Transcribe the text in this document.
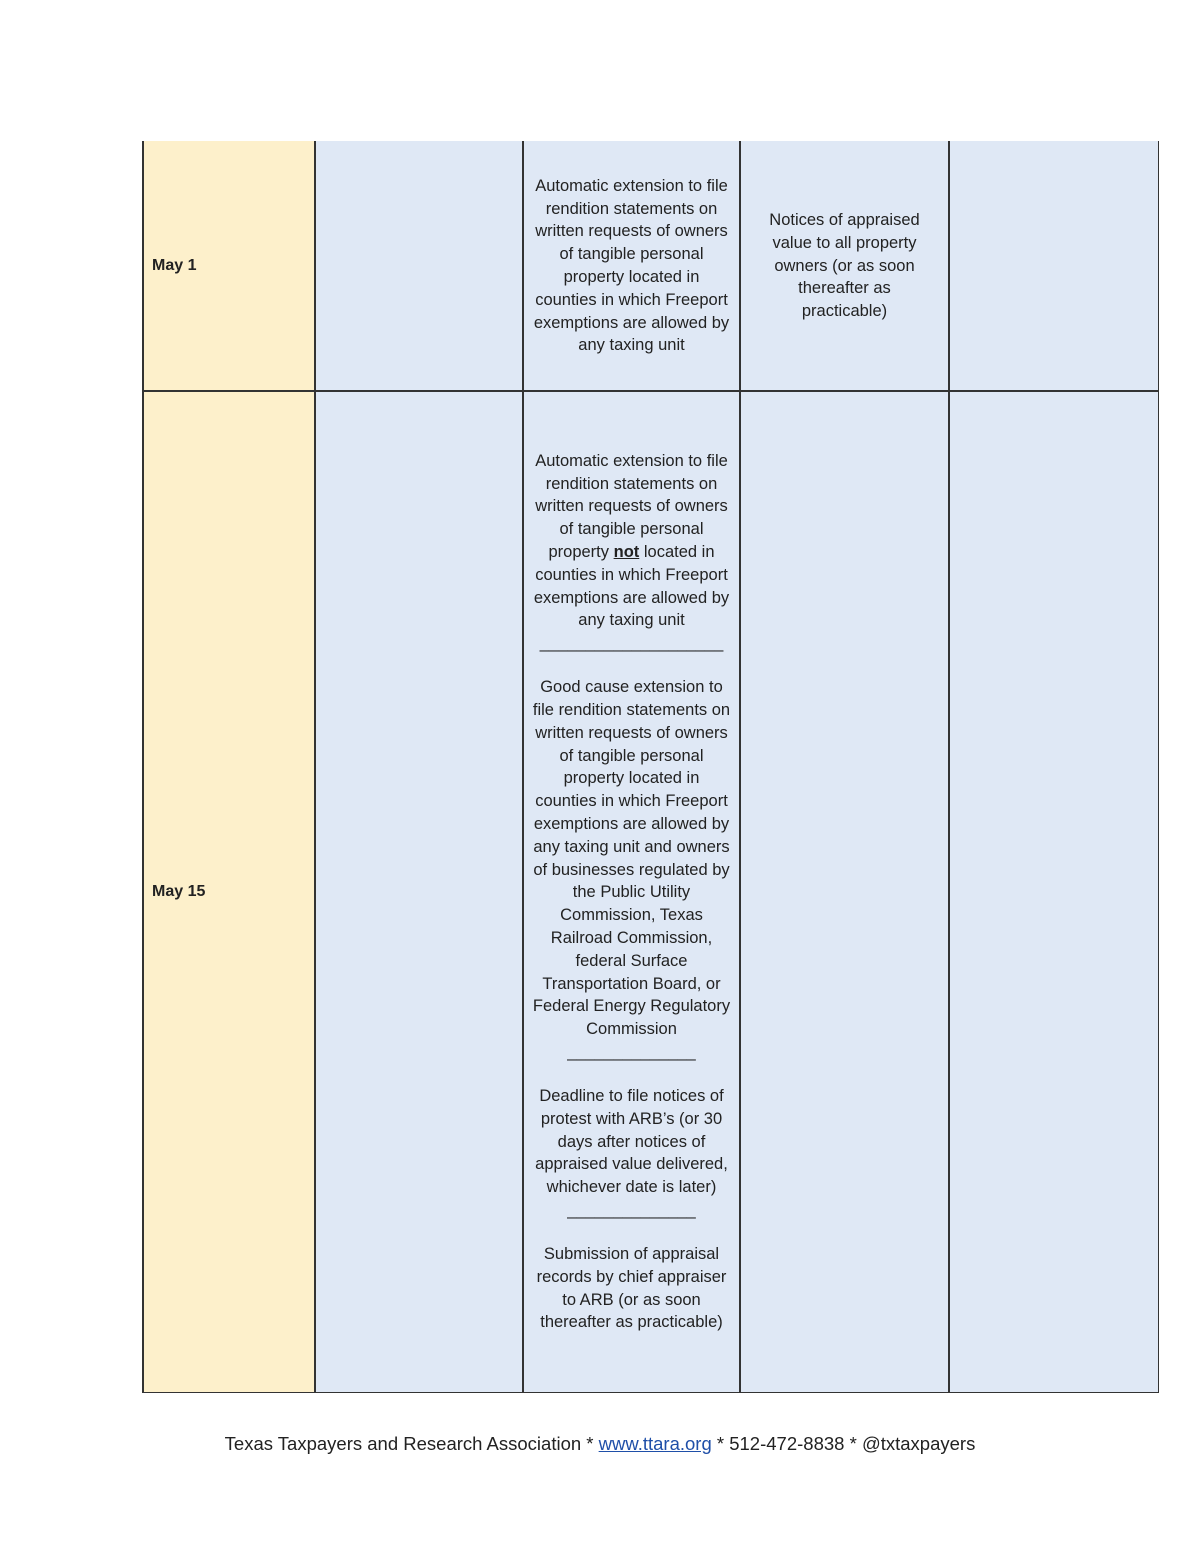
May 1

Automatic extension to file rendition statements on written requests of owners of tangible personal property located in counties in which Freeport exemptions are allowed by any taxing unit

Notices of appraised value to all property owners (or as soon thereafter as practicable)

May 15

Automatic extension to file rendition statements on written requests of owners of tangible personal property not located in counties in which Freeport exemptions are allowed by any taxing unit

____________________

Good cause extension to file rendition statements on written requests of owners of tangible personal property located in counties in which Freeport exemptions are allowed by any taxing unit and owners of businesses regulated by the Public Utility Commission, Texas Railroad Commission, federal Surface Transportation Board, or Federal Energy Regulatory Commission

______________

Deadline to file notices of protest with ARB’s (or 30 days after notices of appraised value delivered, whichever date is later)

______________

Submission of appraisal records by chief appraiser to ARB (or as soon thereafter as practicable)

Texas Taxpayers and Research Association * www.ttara.org * 512-472-8838 * @txtaxpayers
